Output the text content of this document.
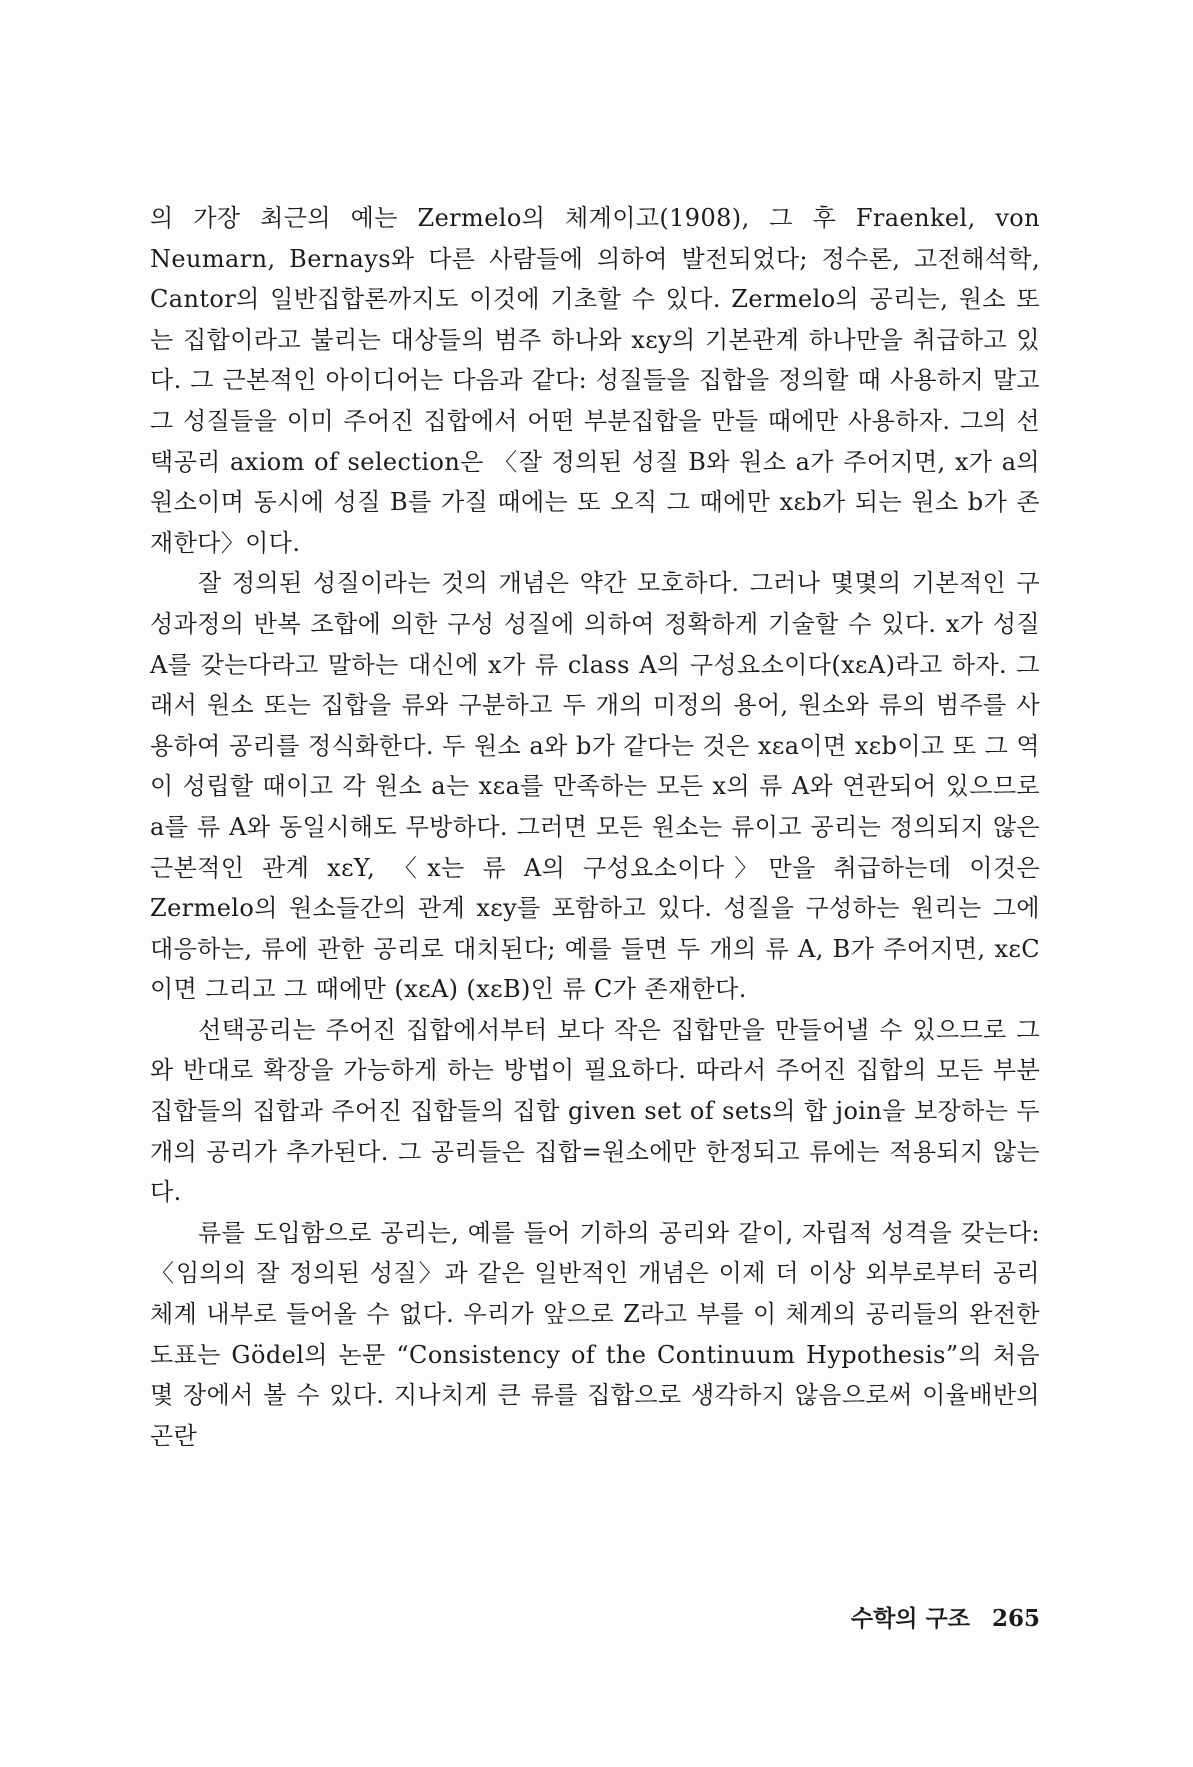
의 가장 최근의 예는 Zermelo의 체계이고(1908), 그 후 Fraenkel, von Neumarn, Bernays와 다른 사람들에 의하여 발전되었다; 정수론, 고전해석학, Cantor의 일반집합론까지도 이것에 기초할 수 있다. Zermelo의 공리는, 원소 또는 집합이라고 불리는 대상들의 범주 하나와 xεy의 기본관계 하나만을 취급하고 있다. 그 근본적인 아이디어는 다음과 같다: 성질들을 집합을 정의할 때 사용하지 말고 그 성질들을 이미 주어진 집합에서 어떤 부분집합을 만들 때에만 사용하자. 그의 선택공리 axiom of selection은 〈잘 정의된 성질 B와 원소 a가 주어지면, x가 a의 원소이며 동시에 성질 B를 가질 때에는 또 오직 그 때에만 xεb가 되는 원소 b가 존재한다〉이다.

잘 정의된 성질이라는 것의 개념은 약간 모호하다. 그러나 몇몇의 기본적인 구성과정의 반복 조합에 의한 구성 성질에 의하여 정확하게 기술할 수 있다. x가 성질 A를 갖는다라고 말하는 대신에 x가 류 class A의 구성요소이다(xεA)라고 하자. 그래서 원소 또는 집합을 류와 구분하고 두 개의 미정의 용어, 원소와 류의 범주를 사용하여 공리를 정식화한다. 두 원소 a와 b가 같다는 것은 xεa이면 xεb이고 또 그 역이 성립할 때이고 각 원소 a는 xεa를 만족하는 모든 x의 류 A와 연관되어 있으므로 a를 류 A와 동일시해도 무방하다. 그러면 모든 원소는 류이고 공리는 정의되지 않은 근본적인 관계 xεY, 〈x는 류 A의 구성요소이다〉만을 취급하는데 이것은 Zermelo의 원소들간의 관계 xεy를 포함하고 있다. 성질을 구성하는 원리는 그에 대응하는, 류에 관한 공리로 대치된다; 예를 들면 두 개의 류 A, B가 주어지면, xεC이면 그리고 그 때에만 (xεA) (xεB)인 류 C가 존재한다.

선택공리는 주어진 집합에서부터 보다 작은 집합만을 만들어낼 수 있으므로 그와 반대로 확장을 가능하게 하는 방법이 필요하다. 따라서 주어진 집합의 모든 부분집합들의 집합과 주어진 집합들의 집합 given set of sets의 합 join을 보장하는 두 개의 공리가 추가된다. 그 공리들은 집합=원소에만 한정되고 류에는 적용되지 않는다.

류를 도입함으로 공리는, 예를 들어 기하의 공리와 같이, 자립적 성격을 갖는다: 〈임의의 잘 정의된 성질〉과 같은 일반적인 개념은 이제 더 이상 외부로부터 공리체계 내부로 들어올 수 없다. 우리가 앞으로 Z라고 부를 이 체계의 공리들의 완전한 도표는 Gödel의 논문 “Consistency of the Continuum Hypothesis”의 처음 몇 장에서 볼 수 있다. 지나치게 큰 류를 집합으로 생각하지 않음으로써 이율배반의 곤란

수학의 구조 265
